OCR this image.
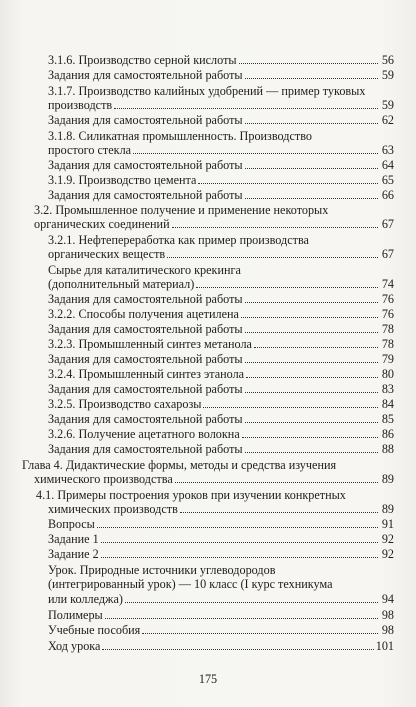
3.1.6. Производство серной кислоты	56
Задания для самостоятельной работы	59
3.1.7. Производство калийных удобрений — пример туковых
производств	59
Задания для самостоятельной работы	62
3.1.8. Силикатная промышленность. Производство
простого стекла	63
Задания для самостоятельной работы	64
3.1.9. Производство цемента	65
Задания для самостоятельной работы	66
3.2. Промышленное получение и применение некоторых
органических соединений	67
3.2.1. Нефтепереработка как пример производства
органических веществ	67
Сырье для каталитического крекинга
(дополнительный материал)	74
Задания для самостоятельной работы	76
3.2.2. Способы получения ацетилена	76
Задания для самостоятельной работы	78
3.2.3. Промышленный синтез метанола	78
Задания для самостоятельной работы	79
3.2.4. Промышленный синтез этанола	80
Задания для самостоятельной работы	83
3.2.5. Производство сахарозы	84
Задания для самостоятельной работы	85
3.2.6. Получение ацетатного волокна	86
Задания для самостоятельной работы	88
Глава 4. Дидактические формы, методы и средства изучения
химического производства	89
4.1. Примеры построения уроков при изучении конкретных
химических производств	89
Вопросы	91
Задание 1	92
Задание 2	92
Урок. Природные источники углеводородов
(интегрированный урок) — 10 класс (I курс техникума
или колледжа)	94
Полимеры	98
Учебные пособия	98
Ход урока	101
175
